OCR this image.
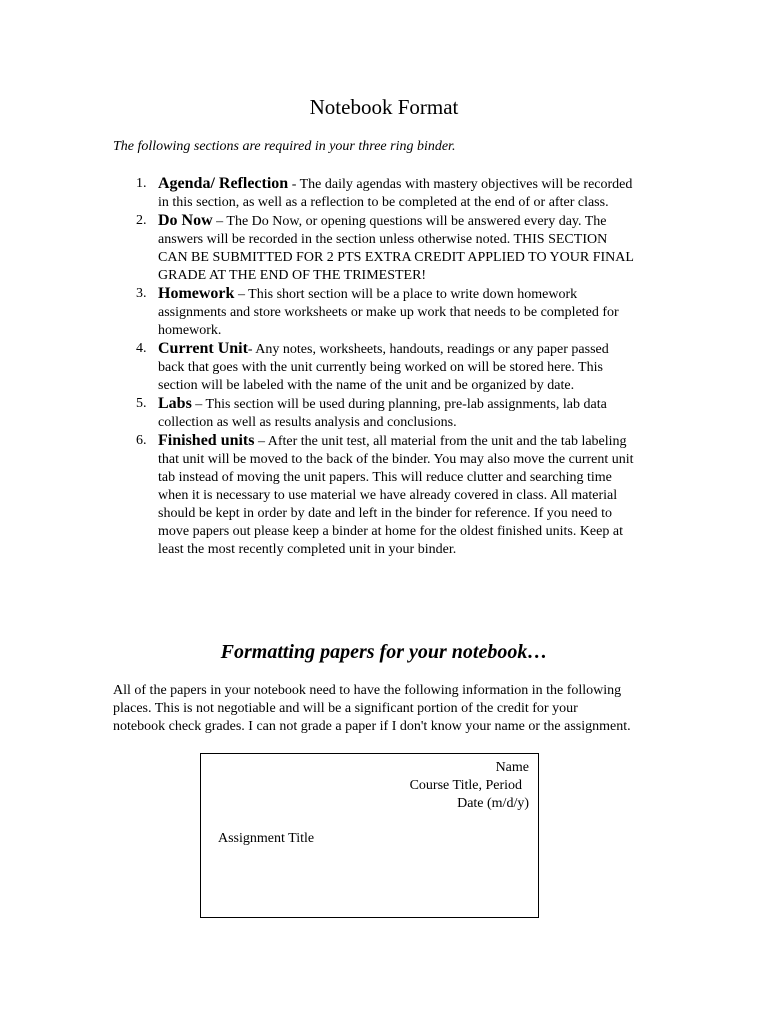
Notebook Format

The following sections are required in your three ring binder.

1. Agenda/ Reflection - The daily agendas with mastery objectives will be recorded in this section, as well as a reflection to be completed at the end of or after class.
2. Do Now – The Do Now, or opening questions will be answered every day. The answers will be recorded in the section unless otherwise noted. THIS SECTION CAN BE SUBMITTED FOR 2 PTS EXTRA CREDIT APPLIED TO YOUR FINAL GRADE AT THE END OF THE TRIMESTER!
3. Homework – This short section will be a place to write down homework assignments and store worksheets or make up work that needs to be completed for homework.
4. Current Unit- Any notes, worksheets, handouts, readings or any paper passed back that goes with the unit currently being worked on will be stored here. This section will be labeled with the name of the unit and be organized by date.
5. Labs – This section will be used during planning, pre-lab assignments, lab data collection as well as results analysis and conclusions.
6. Finished units – After the unit test, all material from the unit and the tab labeling that unit will be moved to the back of the binder. You may also move the current unit tab instead of moving the unit papers. This will reduce clutter and searching time when it is necessary to use material we have already covered in class. All material should be kept in order by date and left in the binder for reference. If you need to move papers out please keep a binder at home for the oldest finished units. Keep at least the most recently completed unit in your binder.
Formatting papers for your notebook…

All of the papers in your notebook need to have the following information in the following places. This is not negotiable and will be a significant portion of the credit for your notebook check grades. I can not grade a paper if I don't know your name or the assignment.

Name
Course Title, Period
Date (m/d/y)
Assignment Title
